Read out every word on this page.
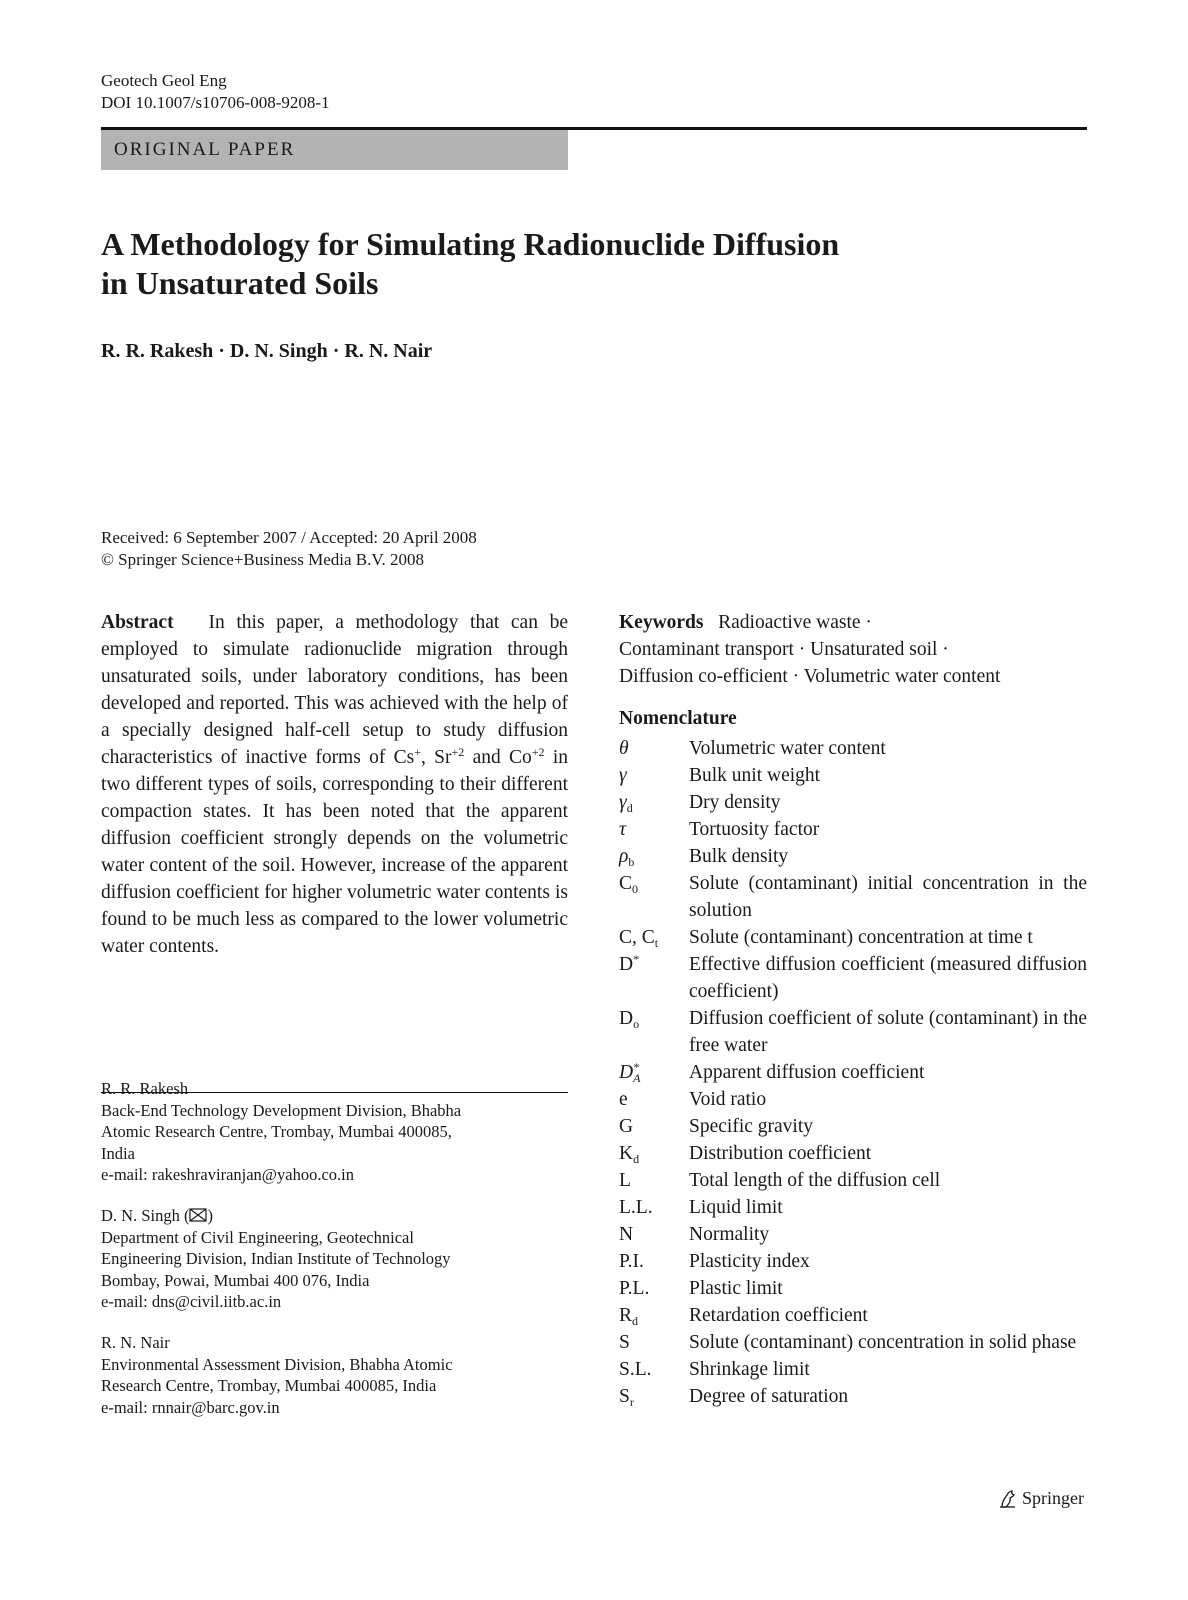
Geotech Geol Eng
DOI 10.1007/s10706-008-9208-1
ORIGINAL PAPER
A Methodology for Simulating Radionuclide Diffusion
in Unsaturated Soils
R. R. Rakesh · D. N. Singh · R. N. Nair
Received: 6 September 2007 / Accepted: 20 April 2008
© Springer Science+Business Media B.V. 2008
Abstract In this paper, a methodology that can be employed to simulate radionuclide migration through unsaturated soils, under laboratory conditions, has been developed and reported. This was achieved with the help of a specially designed half-cell setup to study diffusion characteristics of inactive forms of Cs+, $Sr^{+2}$ and $Co^{+2}$ in two different types of soils, corresponding to their different compaction states. It has been noted that the apparent diffusion coefficient strongly depends on the volumetric water content of the soil. However, increase of the apparent diffusion coefficient for higher volumetric water contents is found to be much less as compared to the lower volumetric water contents.
R. R. Rakesh
Back-End Technology Development Division, Bhabha
Atomic Research Centre, Trombay, Mumbai 400085,
India
e-mail: rakeshraviranjan@yahoo.co.in
D. N. Singh ( )
Department of Civil Engineering, Geotechnical
Engineering Division, Indian Institute of Technology
Bombay, Powai, Mumbai 400 076, India
e-mail: dns@civil.iitb.ac.in
R. N. Nair
Environmental Assessment Division, Bhabha Atomic
Research Centre, Trombay, Mumbai 400085, India
e-mail: rnnair@barc.gov.in
Keywords Radioactive waste ·
Contaminant transport · Unsaturated soil ·
Diffusion co-efficient · Volumetric water content
Nomenclature
θ	Volumetric water content
γ	Bulk unit weight
$\gamma_d$	Dry density
τ	Tortuosity factor
$\rho_b$	Bulk density
$C_0$	Solute (contaminant) initial concentration in the solution
C, $C_t$	Solute (contaminant) concentration at time t
D*	Effective diffusion coefficient (measured diffusion coefficient)
$D_o$	Diffusion coefficient of solute (contaminant) in the free water
$D_A^*$	Apparent diffusion coefficient
e	Void ratio
G	Specific gravity
$K_d$	Distribution coefficient
L	Total length of the diffusion cell
L.L.	Liquid limit
N	Normality
P.I.	Plasticity index
P.L.	Plastic limit
$R_d$	Retardation coefficient
S	Solute (contaminant) concentration in solid phase
S.L.	Shrinkage limit
$S_r$	Degree of saturation
Springer
